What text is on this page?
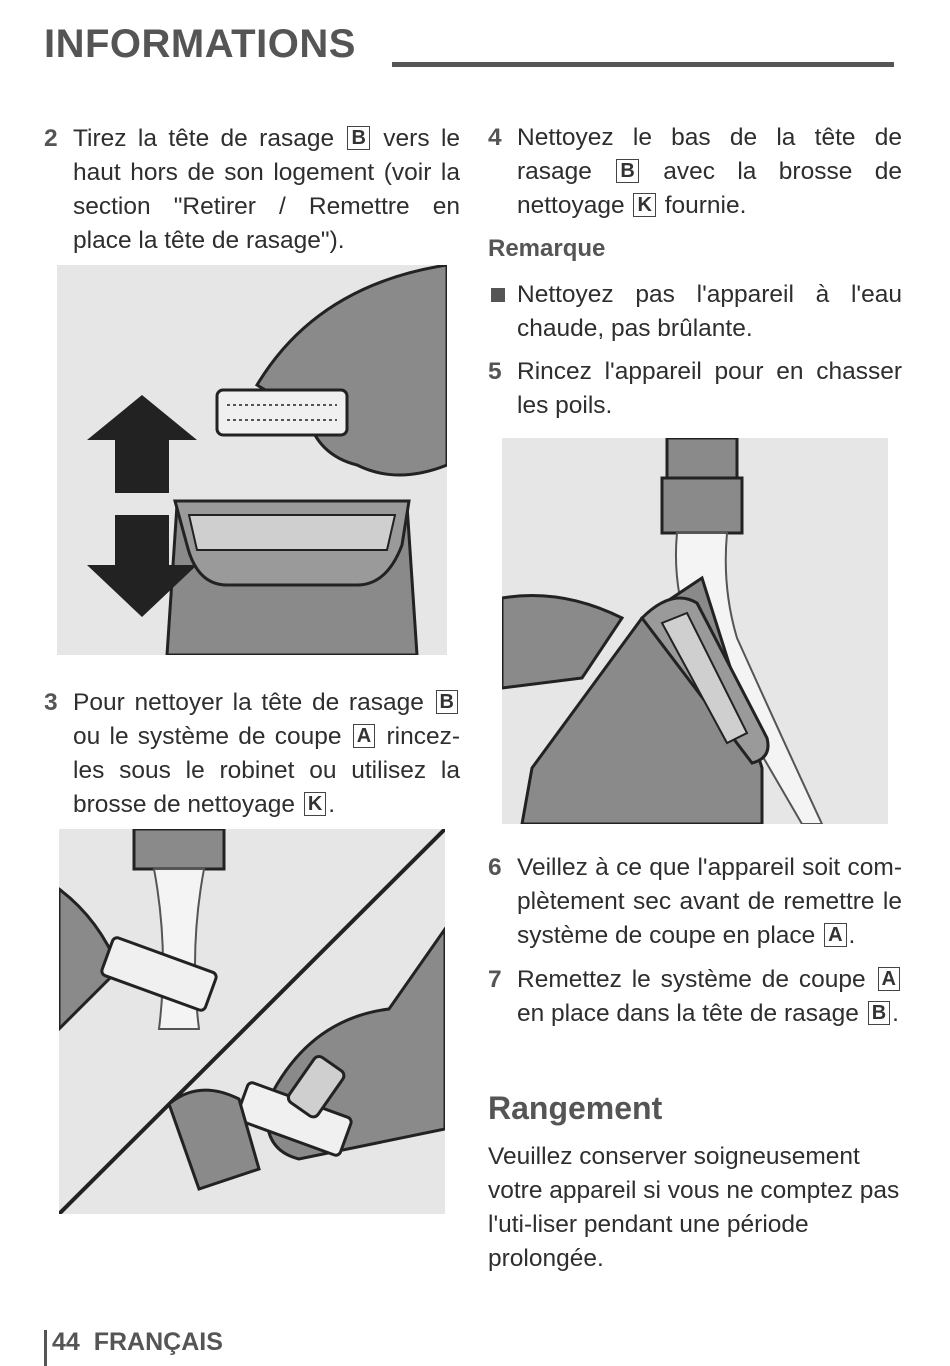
INFORMATIONS
2 Tirez la tête de rasage B vers le haut hors de son logement (voir la section "Retirer / Remettre en place la tête de rasage").
3 Pour nettoyer la tête de rasage B ou le système de coupe A rincez-les sous le robinet ou utilisez la brosse de nettoyage K .
4 Nettoyez le bas de la tête de rasage B avec la brosse de nettoyage K fournie.
Remarque
Nettoyez pas l'appareil à l'eau chaude, pas brûlante.
5 Rincez l'appareil pour en chasser les poils.
6 Veillez à ce que l'appareil soit com-plètement sec avant de remettre le système de coupe en place A .
7 Remettez le système de coupe A en place dans la tête de rasage B .
Rangement
Veuillez conserver soigneusement votre appareil si vous ne comptez pas l'uti-liser pendant une période prolongée.
44 FRANÇAIS
